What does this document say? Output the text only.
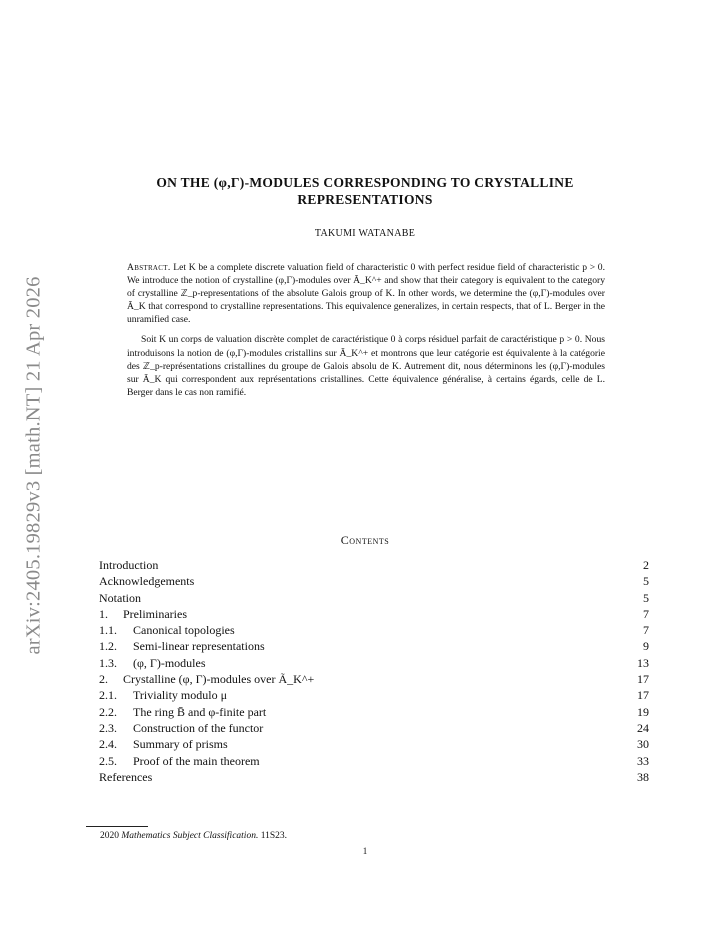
arXiv:2405.19829v3 [math.NT] 21 Apr 2026
ON THE (φ,Γ)-MODULES CORRESPONDING TO CRYSTALLINE REPRESENTATIONS
TAKUMI WATANABE

Abstract. Let K be a complete discrete valuation field of characteristic 0 with perfect residue field of characteristic p > 0. We introduce the notion of crystalline (φ,Γ)-modules over Ã_K^+ and show that their category is equivalent to the category of crystalline ℤ_p-representations of the absolute Galois group of K. In other words, we determine the (φ,Γ)-modules over Ã_K that correspond to crystalline representations. This equivalence generalizes, in certain respects, that of L. Berger in the unramified case.

Soit K un corps de valuation discrète complet de caractéristique 0 à corps résiduel parfait de caractéristique p > 0. Nous introduisons la notion de (φ,Γ)-modules cristallins sur Ã_K^+ et montrons que leur catégorie est équivalente à la catégorie des ℤ_p-représentations cristallines du groupe de Galois absolu de K. Autrement dit, nous déterminons les (φ,Γ)-modules sur Ã_K qui correspondent aux représentations cristallines. Cette équivalence généralise, à certains égards, celle de L. Berger dans le cas non ramifié.

Contents
Introduction	2
Acknowledgements	5
Notation	5
1.	Preliminaries	7
1.1.	Canonical topologies	7
1.2.	Semi-linear representations	9
1.3.	(φ, Γ)-modules	13
2.	Crystalline (φ, Γ)-modules over Ã_K^+	17
2.1.	Triviality modulo μ	17
2.2.	The ring B̄ and φ-finite part	19
2.3.	Construction of the functor	24
2.4.	Summary of prisms	30
2.5.	Proof of the main theorem	33
References	38
2020 Mathematics Subject Classification. 11S23.
1
